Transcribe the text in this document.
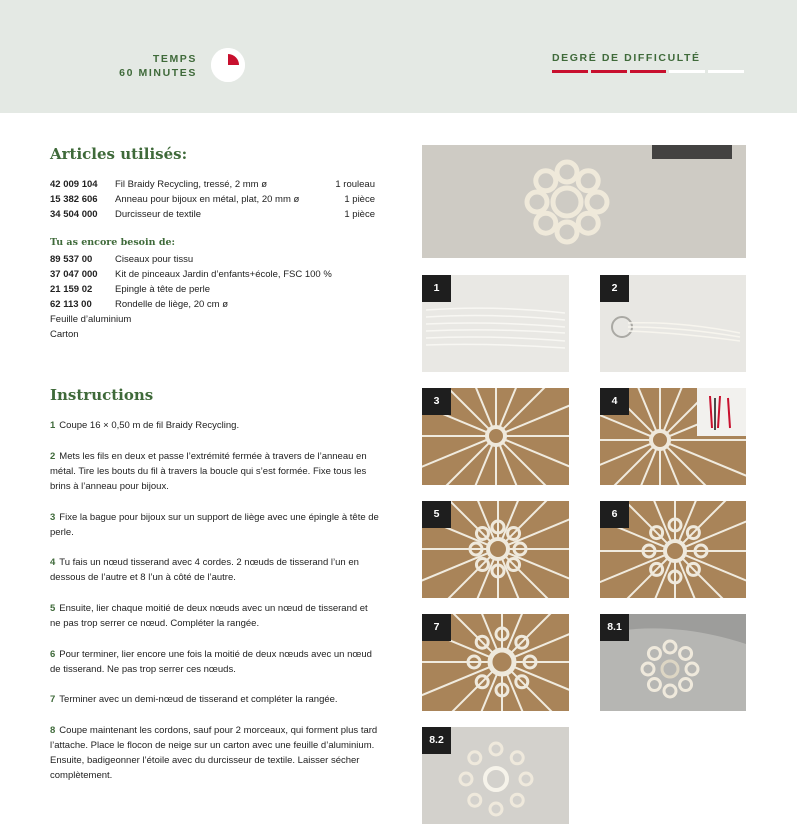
TEMPS
60 MINUTES
DEGRÉ DE DIFFICULTÉ
Articles utilisés:
42 009 104	Fil Braidy Recycling, tressé, 2 mm ø	1 rouleau
15 382 606	Anneau pour bijoux en métal, plat, 20 mm ø	1 pièce
34 504 000	Durcisseur de textile	1 pièce
Tu as encore besoin de:
89 537 00	Ciseaux pour tissu
37 047 000	Kit de pinceaux Jardin d’enfants+école, FSC 100 %
21 159 02	Epingle à tête de perle
62 113 00	Rondelle de liège, 20 cm ø
Feuille d’aluminium
Carton
Instructions
1 Coupe 16 × 0,50 m de fil Braidy Recycling.
2 Mets les fils en deux et passe l’extrémité fermée à travers de l’anneau en métal. Tire les bouts du fil à travers la boucle qui s’est formée. Fixe tous les brins à l’anneau pour bijoux.
3 Fixe la bague pour bijoux sur un support de liège avec une épingle à tête de perle.
4 Tu fais un nœud tisserand avec 4 cordes. 2 nœuds de tisserand l’un en dessous de l’autre et 8 l’un à côté de l’autre.
5 Ensuite, lier chaque moitié de deux nœuds avec un nœud de tisserand et ne pas trop serrer ce nœud. Compléter la rangée.
6 Pour terminer, lier encore une fois la moitié de deux nœuds avec un nœud de tisserand. Ne pas trop serrer ces nœuds.
7 Terminer avec un demi-nœud de tisserand et compléter la rangée.
8 Coupe maintenant les cordons, sauf pour 2 morceaux, qui forment plus tard l’attache. Place le flocon de neige sur un carton avec une feuille d’aluminium. Ensuite, badigeonner l’étoile avec du durcisseur de textile. Laisser sécher complètement.
1	2
3	4
5	6
7	8.1
8.2
